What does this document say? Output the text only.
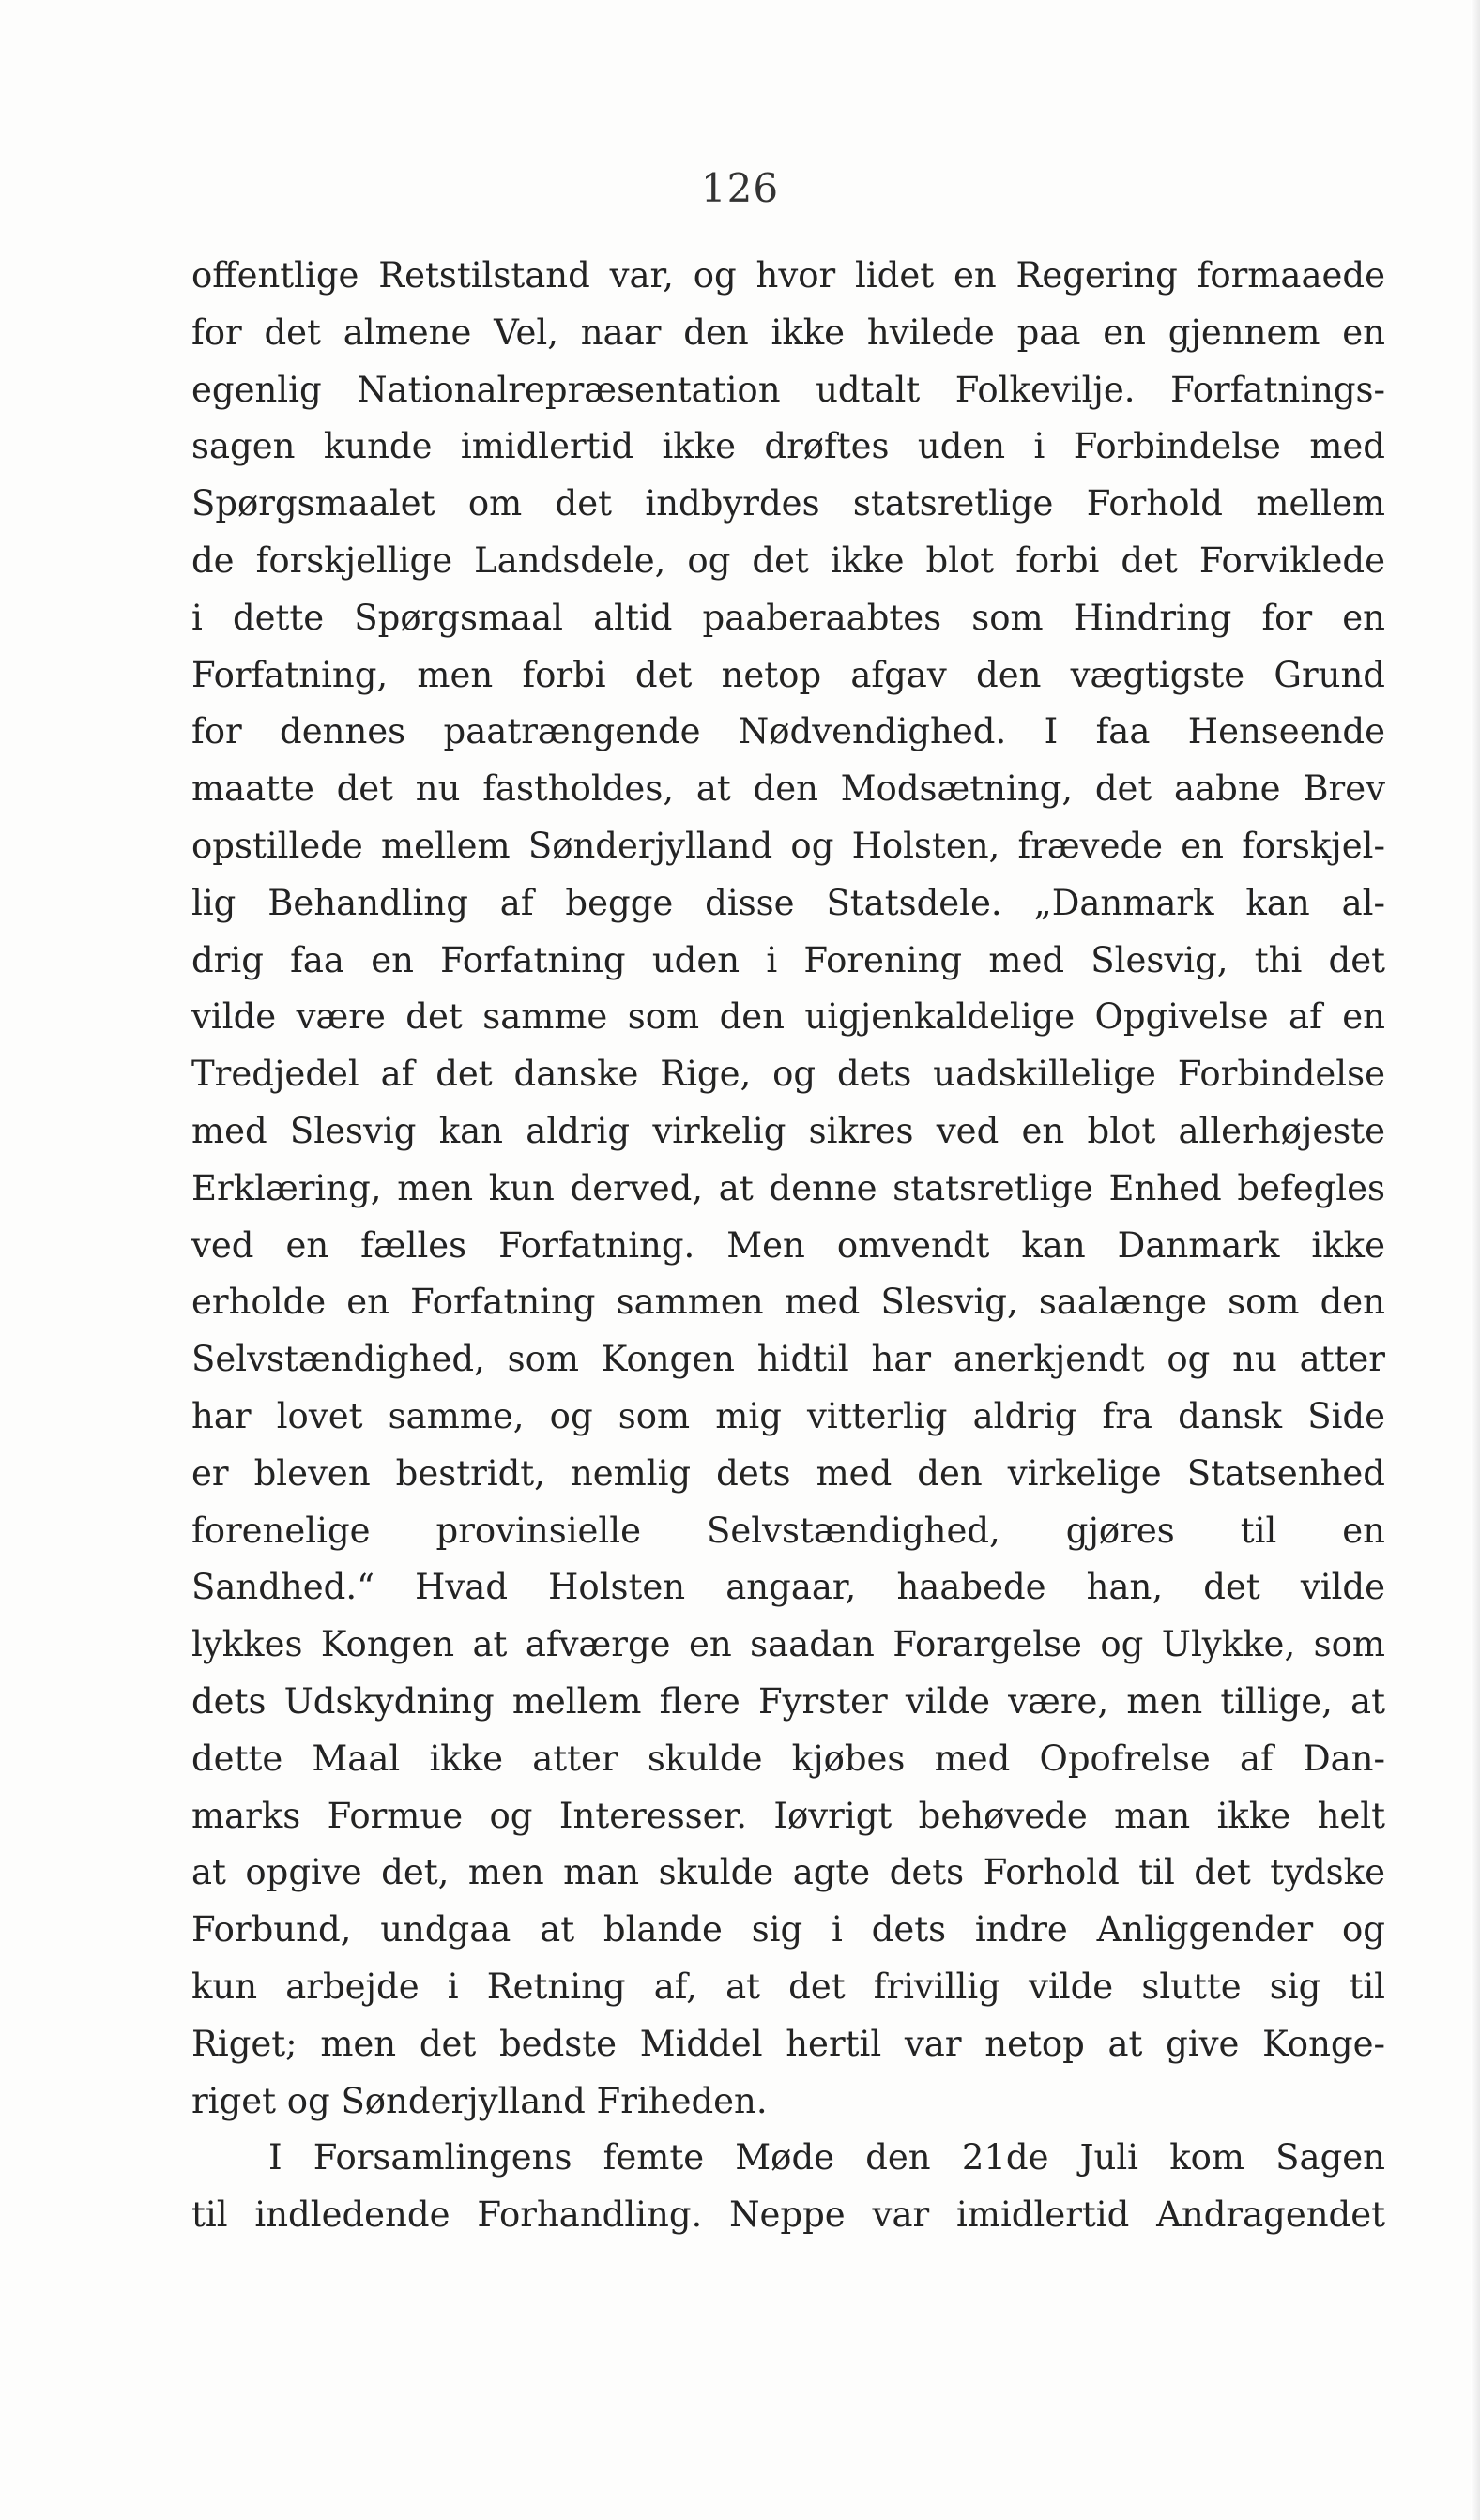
126
offentlige Retstilstand var, og hvor lidet en Regering formaaede
for det almene Vel, naar den ikke hvilede paa en gjennem en
egenlig Nationalrepræsentation udtalt Folkevilje. Forfatnings-
sagen kunde imidlertid ikke drøftes uden i Forbindelse med
Spørgsmaalet om det indbyrdes statsretlige Forhold mellem
de forskjellige Landsdele, og det ikke blot forbi det Forviklede
i dette Spørgsmaal altid paaberaabtes som Hindring for en
Forfatning, men forbi det netop afgav den vægtigste Grund
for dennes paatrængende Nødvendighed. I faa Henseende
maatte det nu fastholdes, at den Modsætning, det aabne Brev
opstillede mellem Sønderjylland og Holsten, frævede en forskjel-
lig Behandling af begge disse Statsdele. „Danmark kan al-
drig faa en Forfatning uden i Forening med Slesvig, thi det
vilde være det samme som den uigjenkaldelige Opgivelse af en
Tredjedel af det danske Rige, og dets uadskillelige Forbindelse
med Slesvig kan aldrig virkelig sikres ved en blot allerhøjeste
Erklæring, men kun derved, at denne statsretlige Enhed befegles
ved en fælles Forfatning. Men omvendt kan Danmark ikke
erholde en Forfatning sammen med Slesvig, saalænge som den
Selvstændighed, som Kongen hidtil har anerkjendt og nu atter
har lovet samme, og som mig vitterlig aldrig fra dansk Side
er bleven bestridt, nemlig dets med den virkelige Statsenhed
forenelige provinsielle Selvstændighed, gjøres til en
Sandhed.“ Hvad Holsten angaar, haabede han, det vilde
lykkes Kongen at afværge en saadan Forargelse og Ulykke, som
dets Udskydning mellem flere Fyrster vilde være, men tillige, at
dette Maal ikke atter skulde kjøbes med Opofrelse af Dan-
marks Formue og Interesser. Iøvrigt behøvede man ikke helt
at opgive det, men man skulde agte dets Forhold til det tydske
Forbund, undgaa at blande sig i dets indre Anliggender og
kun arbejde i Retning af, at det frivillig vilde slutte sig til
Riget; men det bedste Middel hertil var netop at give Konge-
riget og Sønderjylland Friheden.
I Forsamlingens femte Møde den 21de Juli kom Sagen
til indledende Forhandling. Neppe var imidlertid Andragendet
